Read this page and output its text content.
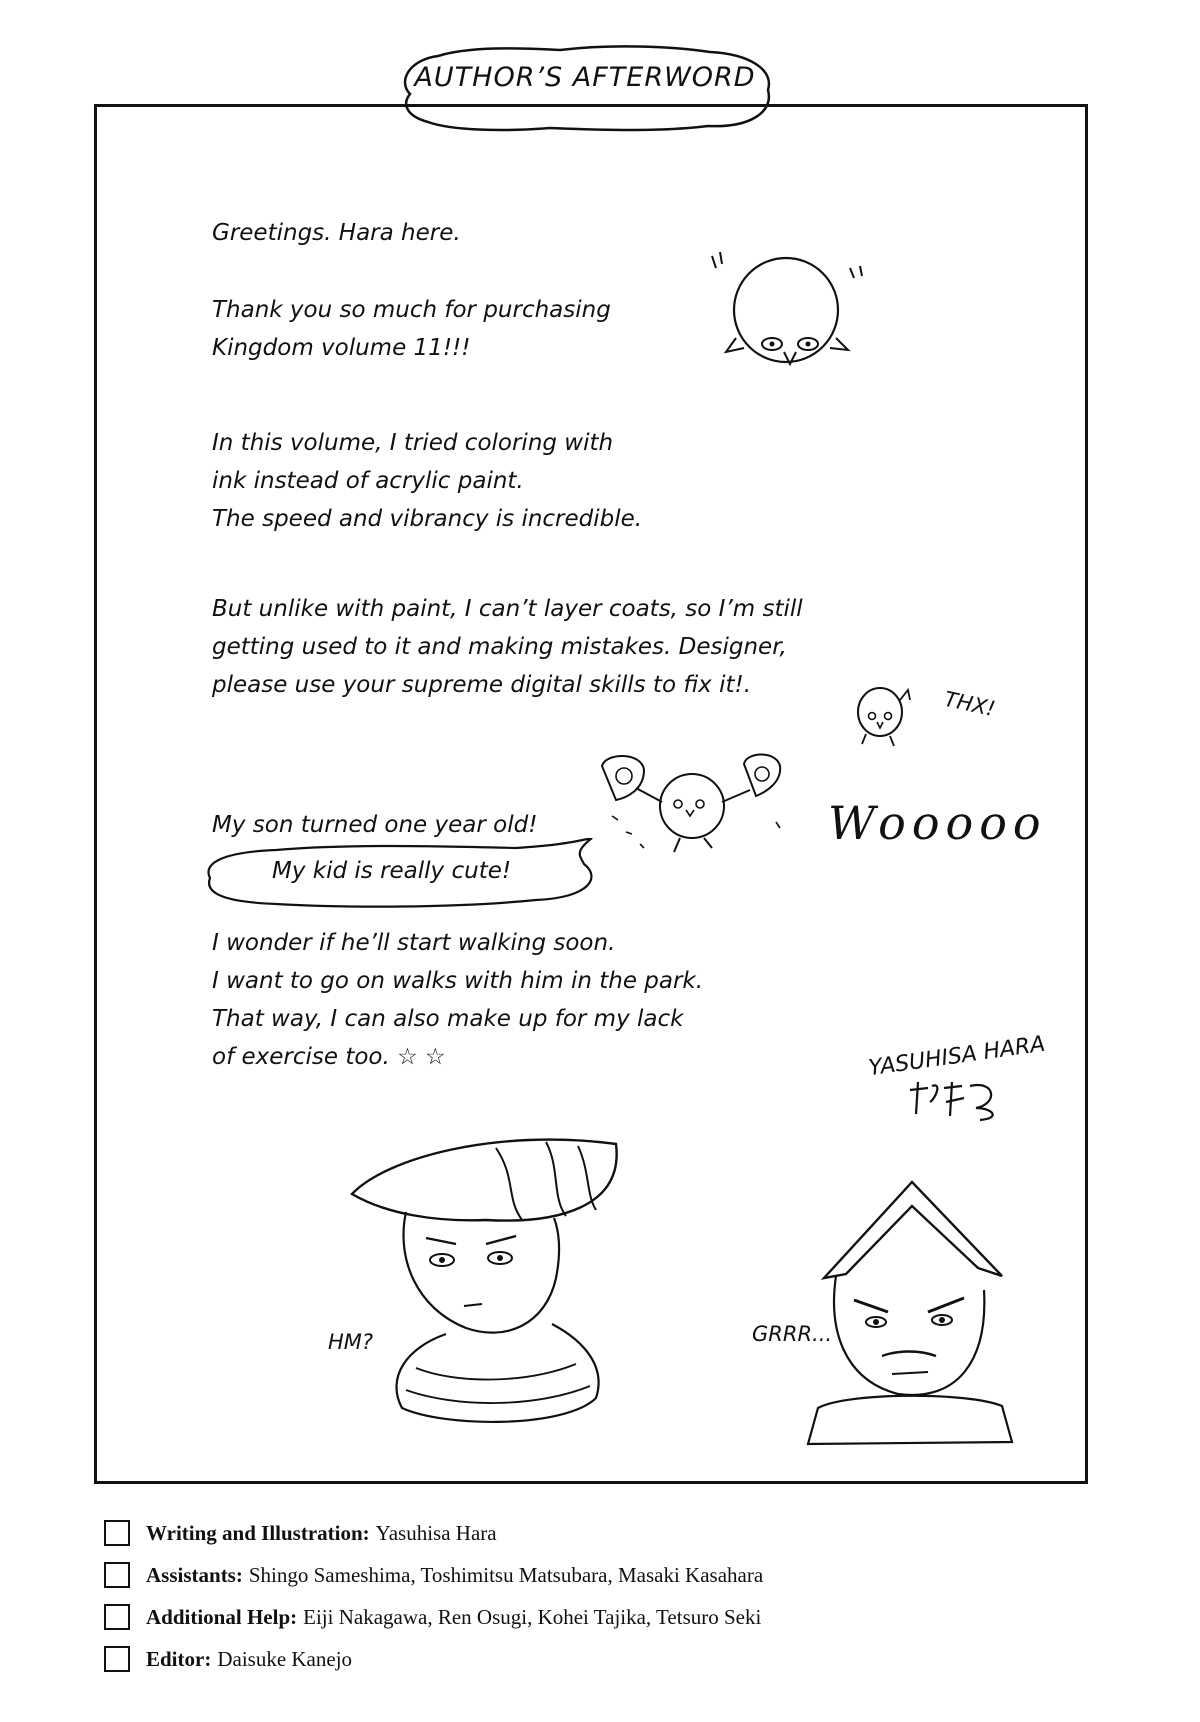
AUTHOR’S AFTERWORD
Greetings. Hara here.
Thank you so much for purchasing
Kingdom volume 11!!!
In this volume, I tried coloring with
ink instead of acrylic paint.
The speed and vibrancy is incredible.
But unlike with paint, I can’t layer coats, so I’m still
getting used to it and making mistakes. Designer,
please use your supreme digital skills to fix it!.
My son turned one year old!
My kid is really cute!
I wonder if he’ll start walking soon.
I want to go on walks with him in the park.
That way, I can also make up for my lack
of exercise too. ☆ ☆
THX!
Wooooo
YASUHISA HARA
HM?	GRRR...
Writing and Illustration: Yasuhisa Hara
Assistants: Shingo Sameshima, Toshimitsu Matsubara, Masaki Kasahara
Additional Help: Eiji Nakagawa, Ren Osugi, Kohei Tajika, Tetsuro Seki
Editor: Daisuke Kanejo
